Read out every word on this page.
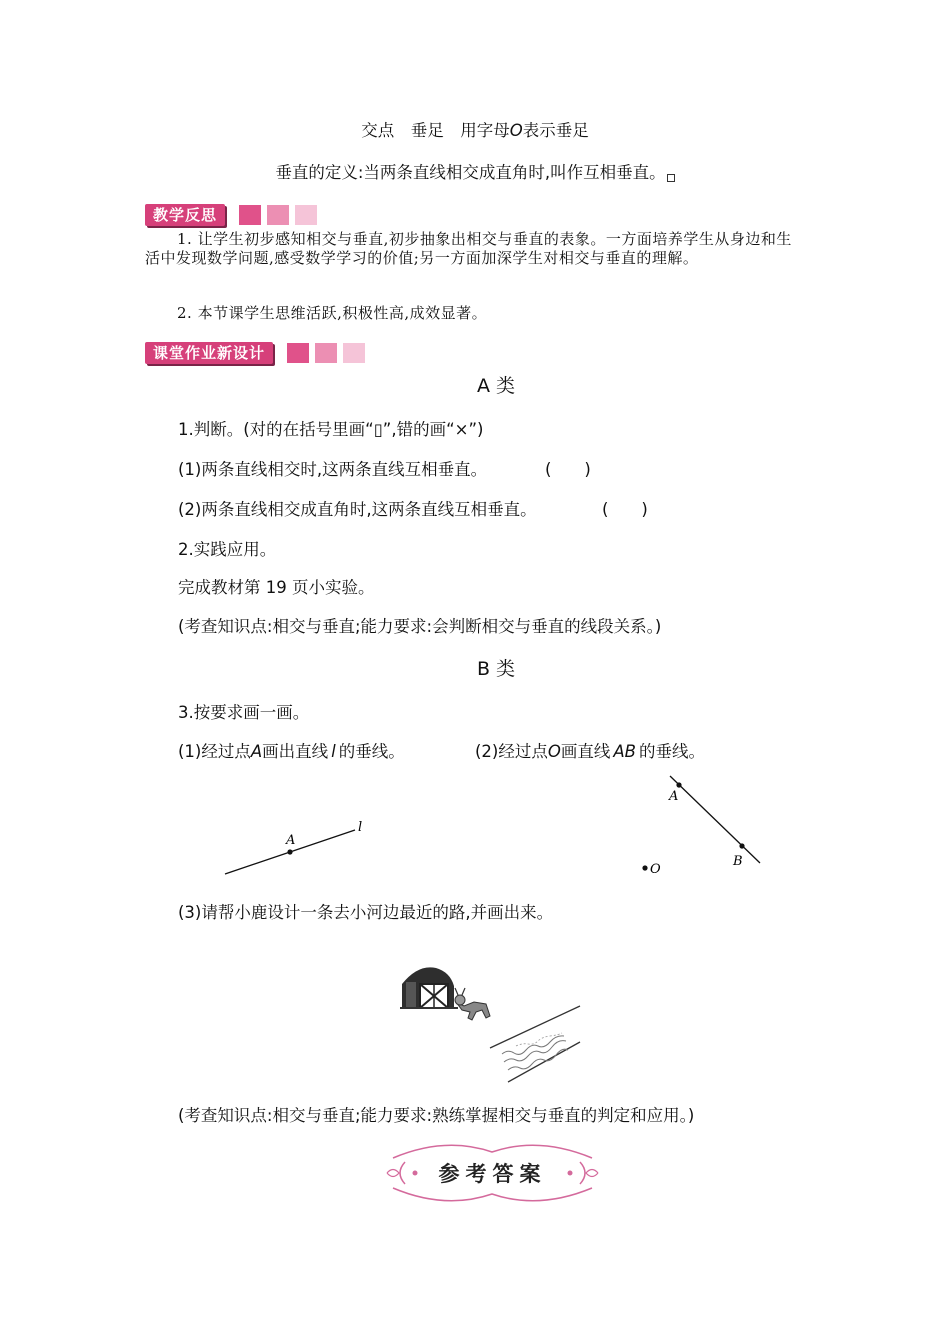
交点　垂足　用字母O表示垂足
垂直的定义:当两条直线相交成直角时,叫作互相垂直。
教学反思
1. 让学生初步感知相交与垂直,初步抽象出相交与垂直的表象。一方面培养学生从身边和生活中发现数学问题,感受数学学习的价值;另一方面加深学生对相交与垂直的理解。
2. 本节课学生思维活跃,积极性高,成效显著。
课堂作业新设计
A 类
1.判断。(对的在括号里画“▯”,错的画“×”)
(1)两条直线相交时,这两条直线互相垂直。	(　　)
(2)两条直线相交成直角时,这两条直线互相垂直。	(　　)
2.实践应用。
完成教材第 19 页小实验。
(考查知识点:相交与垂直;能力要求:会判断相交与垂直的线段关系。)
B 类
3.按要求画一画。
(1)经过点A画出直线 l 的垂线。	(2)经过点O画直线 AB 的垂线。
A
l
A
B
O
(3)请帮小鹿设计一条去小河边最近的路,并画出来。
(考查知识点:相交与垂直;能力要求:熟练掌握相交与垂直的判定和应用。)
参考答案
